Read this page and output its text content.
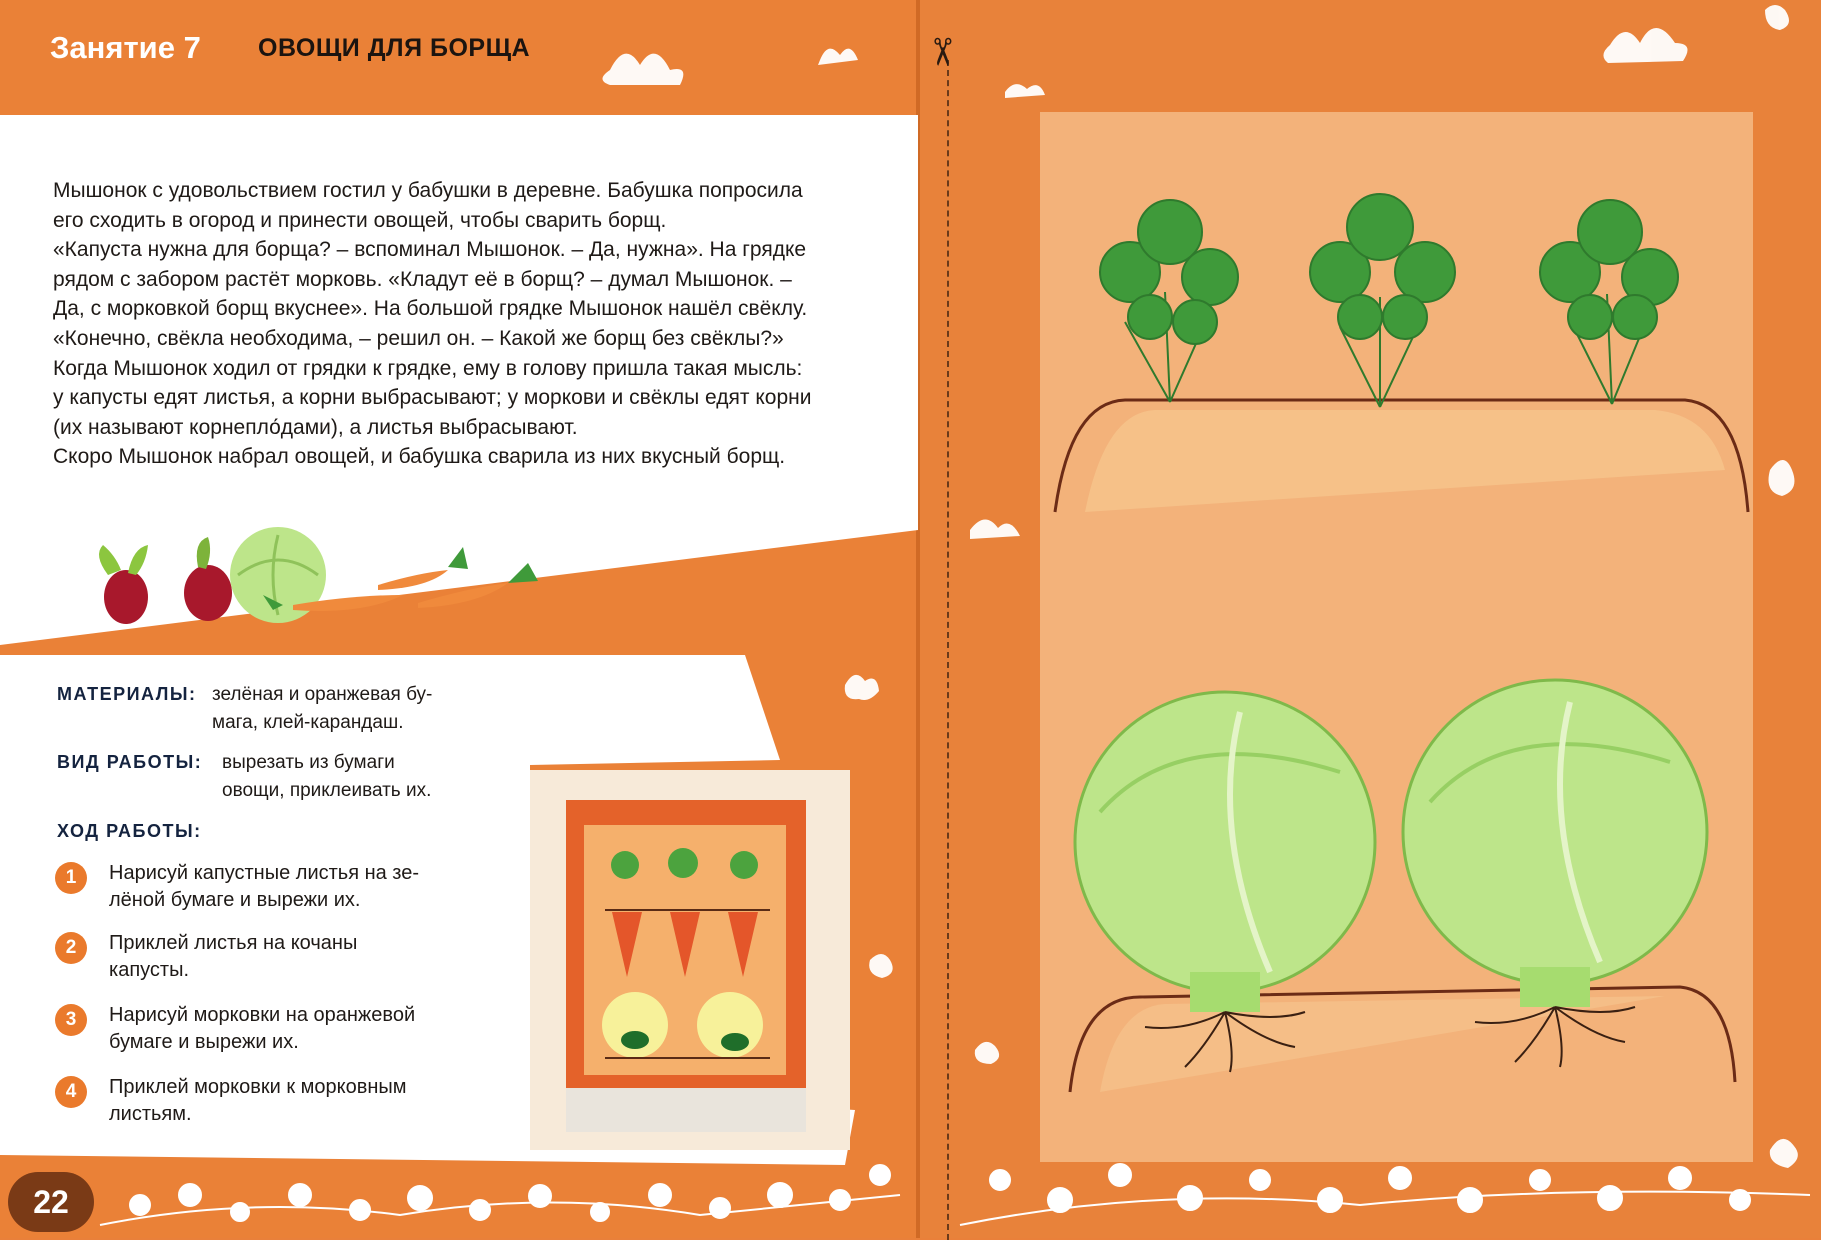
✂
Занятие 7 ОВОЩИ ДЛЯ БОРЩА

Мышонок с удовольствием гостил у бабушки в деревне. Бабушка попросила

его сходить в огород и принести овощей, чтобы сварить борщ.

«Капуста нужна для борща? – вспоминал Мышонок. – Да, нужна». На грядке

рядом с забором растёт морковь. «Кладут её в борщ? – думал Мышонок. –

Да, с морковкой борщ вкуснее». На большой грядке Мышонок нашёл свёклу.

«Конечно, свёкла необходима, – решил он. – Какой же борщ без свёклы?»

Когда Мышонок ходил от грядки к грядке, ему в голову пришла такая мысль:

у капусты едят листья, а корни выбрасывают; у моркови и свёклы едят корни

(их называют корнепло́дами), а листья выбрасывают.

Скоро Мышонок набрал овощей, и бабушка сварила из них вкусный борщ.

МАТЕРИАЛЫ: зелёная и оранжевая бу-
мага, клей-карандаш.
ВИД РАБОТЫ: вырезать из бумаги
овощи, приклеивать их.
ХОД РАБОТЫ:
1	Нарисуй капустные листья на зе-
лёной бумаге и вырежи их.
2	Приклей листья на кочаны
капусты.
3	Нарисуй морковки на оранжевой
бумаге и вырежи их.
4	Приклей морковки к морковным
листьям.
22
